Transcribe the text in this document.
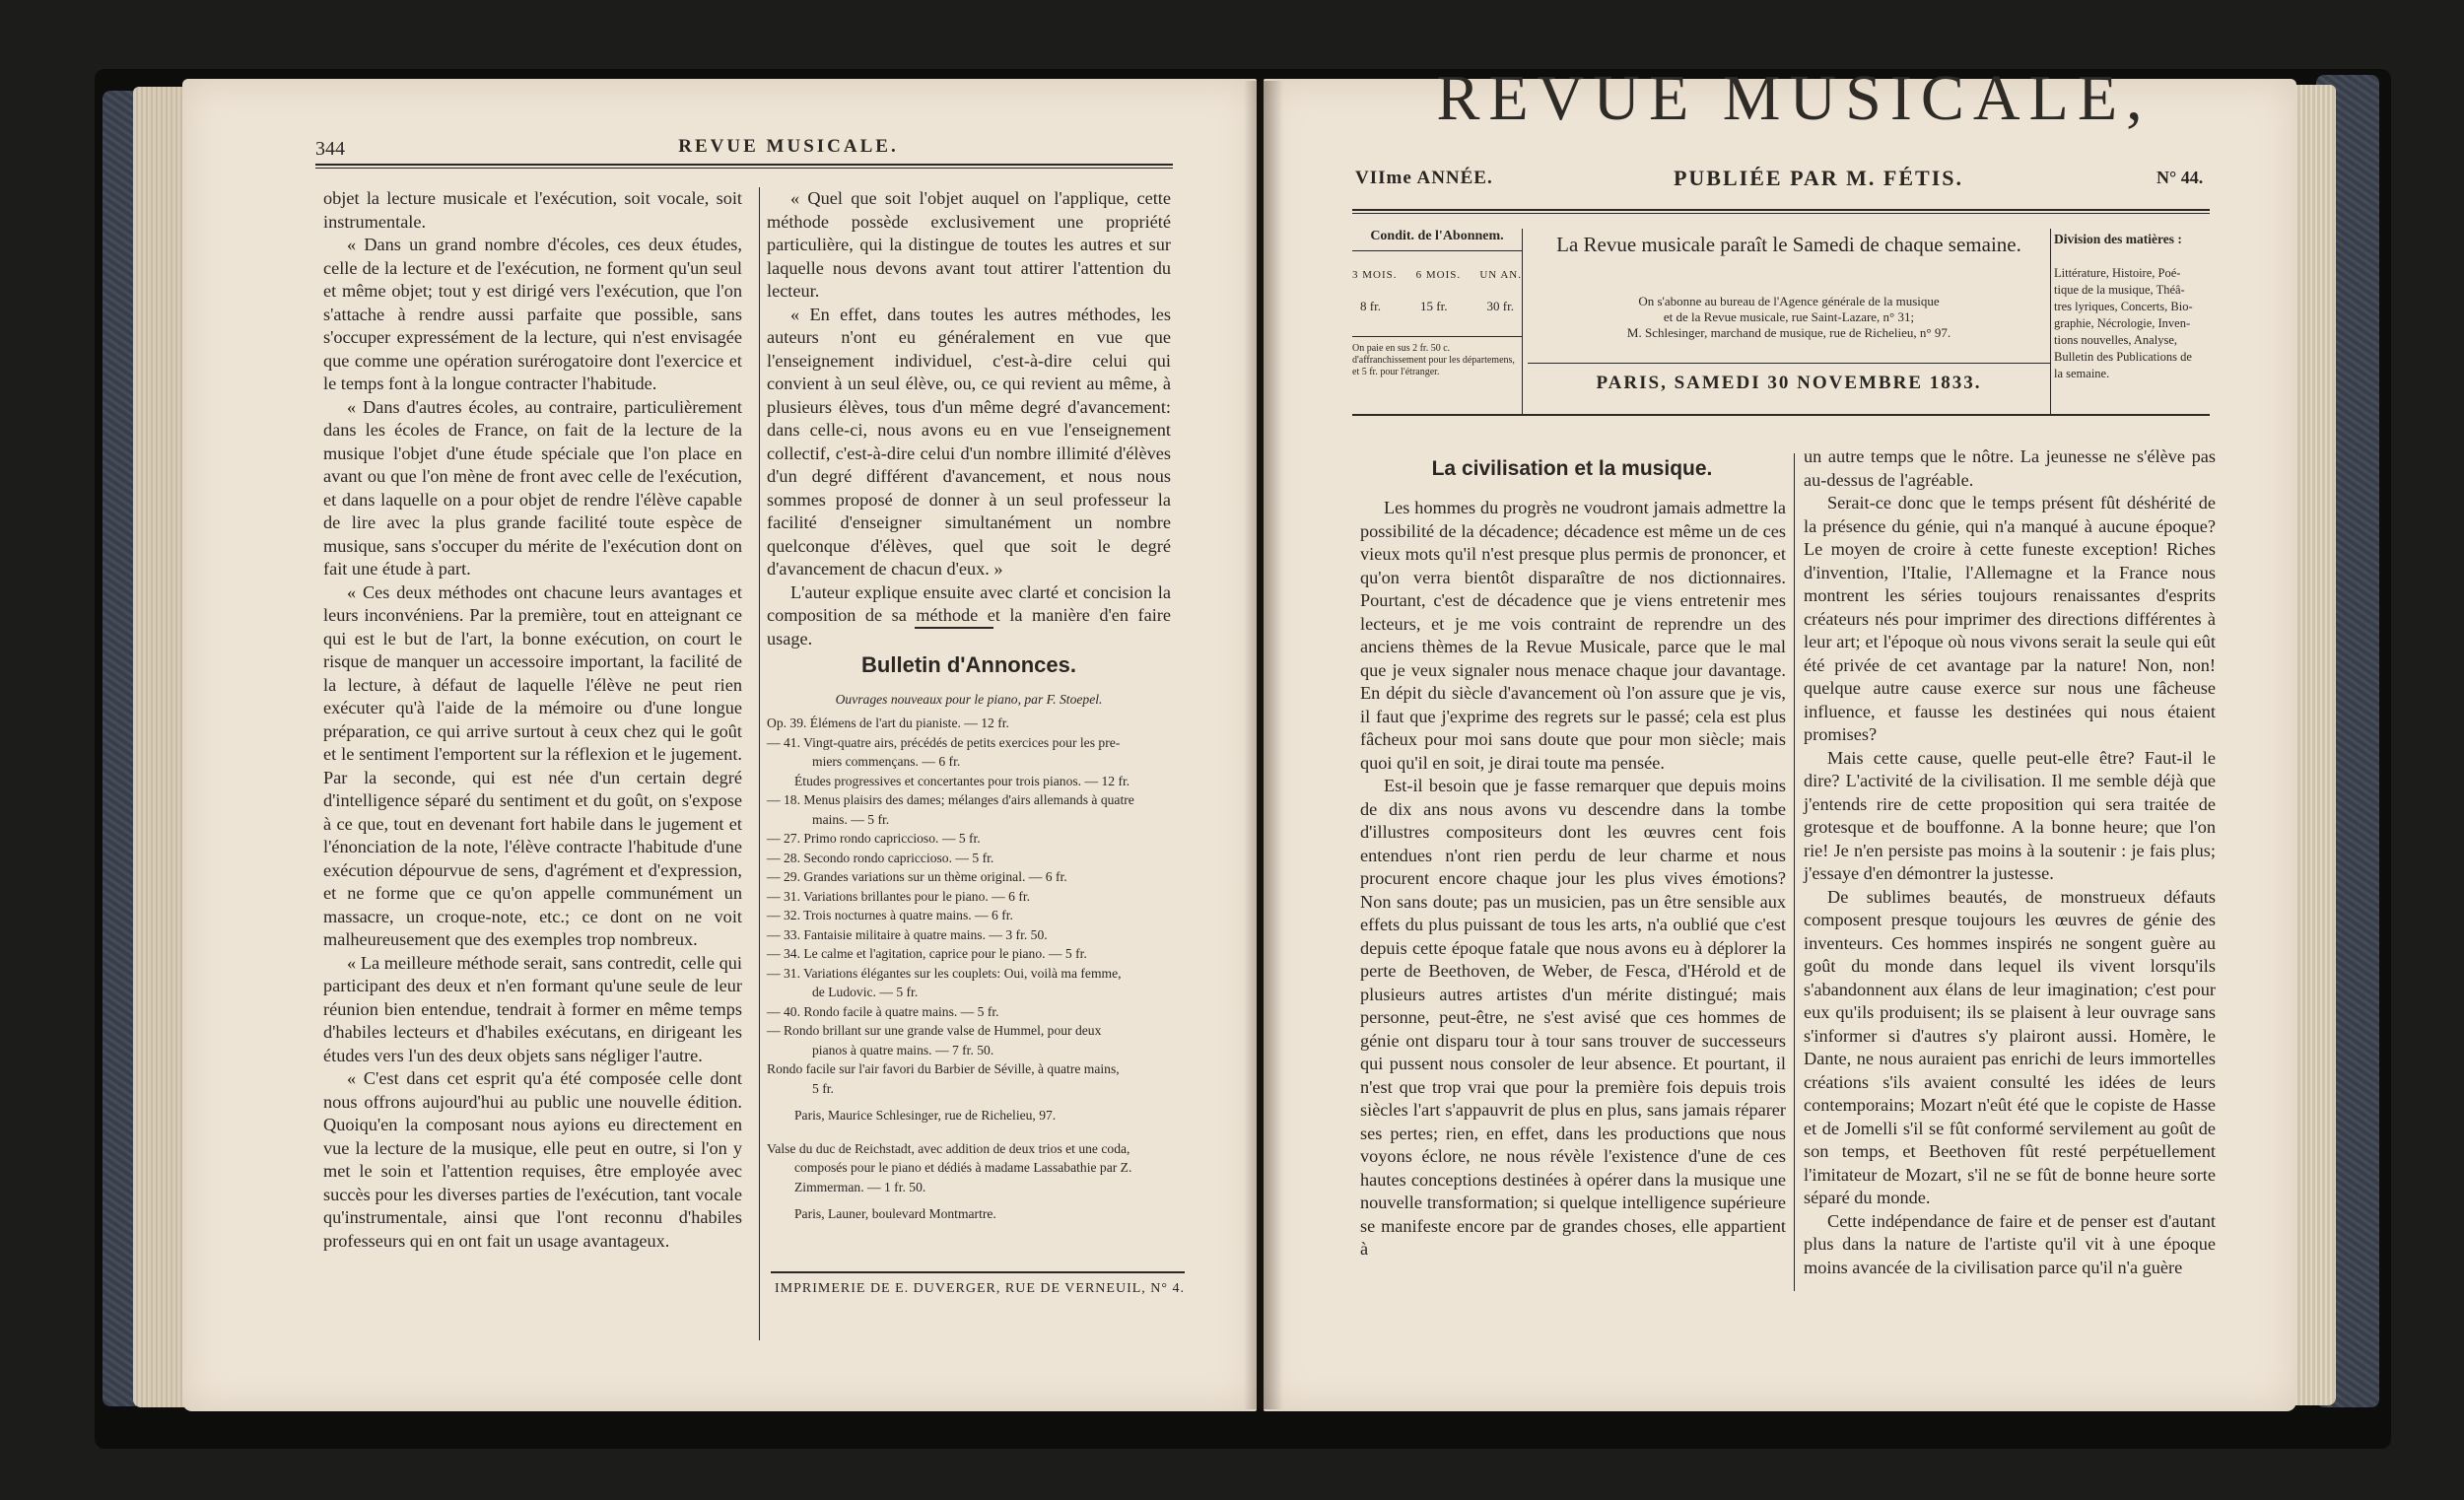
344	REVUE MUSICALE.

objet la lecture musicale et l'exécution, soit vocale, soit instrumentale.

« Dans un grand nombre d'écoles, ces deux études, celle de la lecture et de l'exécution, ne forment qu'un seul et même objet; tout y est dirigé vers l'exécution, que l'on s'attache à rendre aussi parfaite que possible, sans s'occuper expressément de la lecture, qui n'est envisagée que comme une opération surérogatoire dont l'exercice et le temps font à la longue contracter l'habitude.

« Dans d'autres écoles, au contraire, particulièrement dans les écoles de France, on fait de la lecture de la musique l'objet d'une étude spéciale que l'on place en avant ou que l'on mène de front avec celle de l'exécution, et dans laquelle on a pour objet de rendre l'élève capable de lire avec la plus grande facilité toute espèce de musique, sans s'occuper du mérite de l'exécution dont on fait une étude à part.

« Ces deux méthodes ont chacune leurs avantages et leurs inconvéniens. Par la première, tout en atteignant ce qui est le but de l'art, la bonne exécution, on court le risque de manquer un accessoire important, la facilité de la lecture, à défaut de laquelle l'élève ne peut rien exécuter qu'à l'aide de la mémoire ou d'une longue préparation, ce qui arrive surtout à ceux chez qui le goût et le sentiment l'emportent sur la réflexion et le jugement. Par la seconde, qui est née d'un certain degré d'intelligence séparé du sentiment et du goût, on s'expose à ce que, tout en devenant fort habile dans le jugement et l'énonciation de la note, l'élève contracte l'habitude d'une exécution dépourvue de sens, d'agrément et d'expression, et ne forme que ce qu'on appelle communément un massacre, un croque-note, etc.; ce dont on ne voit malheureusement que des exemples trop nombreux.

« La meilleure méthode serait, sans contredit, celle qui participant des deux et n'en formant qu'une seule de leur réunion bien entendue, tendrait à former en même temps d'habiles lecteurs et d'habiles exécutans, en dirigeant les études vers l'un des deux objets sans négliger l'autre.

« C'est dans cet esprit qu'a été composée celle dont nous offrons aujourd'hui au public une nouvelle édition. Quoiqu'en la composant nous ayions eu directement en vue la lecture de la musique, elle peut en outre, si l'on y met le soin et l'attention requises, être employée avec succès pour les diverses parties de l'exécution, tant vocale qu'instrumentale, ainsi que l'ont reconnu d'habiles professeurs qui en ont fait un usage avantageux.

« Quel que soit l'objet auquel on l'applique, cette méthode possède exclusivement une propriété particulière, qui la distingue de toutes les autres et sur laquelle nous devons avant tout attirer l'attention du lecteur.

« En effet, dans toutes les autres méthodes, les auteurs n'ont eu généralement en vue que l'enseignement individuel, c'est-à-dire celui qui convient à un seul élève, ou, ce qui revient au même, à plusieurs élèves, tous d'un même degré d'avancement: dans celle-ci, nous avons eu en vue l'enseignement collectif, c'est-à-dire celui d'un nombre illimité d'élèves d'un degré différent d'avancement, et nous nous sommes proposé de donner à un seul professeur la facilité d'enseigner simultanément un nombre quelconque d'élèves, quel que soit le degré d'avancement de chacun d'eux. »

L'auteur explique ensuite avec clarté et concision la composition de sa méthode et la manière d'en faire usage.

Bulletin d'Annonces.
Ouvrages nouveaux pour le piano, par F. Stoepel.
Op. 39. Élémens de l'art du pianiste. — 12 fr.
— 41. Vingt-quatre airs, précédés de petits exercices pour les pre-
miers commençans. — 6 fr.
Études progressives et concertantes pour trois pianos. — 12 fr.
— 18. Menus plaisirs des dames; mélanges d'airs allemands à quatre
mains. — 5 fr.
— 27. Primo rondo capriccioso. — 5 fr.
— 28. Secondo rondo capriccioso. — 5 fr.
— 29. Grandes variations sur un thème original. — 6 fr.
— 31. Variations brillantes pour le piano. — 6 fr.
— 32. Trois nocturnes à quatre mains. — 6 fr.
— 33. Fantaisie militaire à quatre mains. — 3 fr. 50.
— 34. Le calme et l'agitation, caprice pour le piano. — 5 fr.
— 31. Variations élégantes sur les couplets: Oui, voilà ma femme,
de Ludovic. — 5 fr.
— 40. Rondo facile à quatre mains. — 5 fr.
— Rondo brillant sur une grande valse de Hummel, pour deux
pianos à quatre mains. — 7 fr. 50.
Rondo facile sur l'air favori du Barbier de Séville, à quatre mains,
5 fr.
Paris, Maurice Schlesinger, rue de Richelieu, 97.
Valse du duc de Reichstadt, avec addition de deux trios et une coda,
composés pour le piano et dédiés à madame Lassabathie par Z.
Zimmerman. — 1 fr. 50.
Paris, Launer, boulevard Montmartre.
IMPRIMERIE DE E. DUVERGER, RUE DE VERNEUIL, N° 4.
REVUE MUSICALE,
VIIme ANNÉE.	PUBLIÉE PAR M. FÉTIS.	N° 44.
Condit. de l'Abonnem.
3 MOIS. 6 MOIS. UN AN.
8 fr.	15 fr.	30 fr.
On paie en sus 2 fr. 50 c. d'affranchissement pour les départemens, et 5 fr. pour l'étranger.
La Revue musicale paraît le Samedi de chaque semaine.
On s'abonne au bureau de l'Agence générale de la musique
et de la Revue musicale, rue Saint-Lazare, n° 31;
M. Schlesinger, marchand de musique, rue de Richelieu, n° 97.
PARIS, SAMEDI 30 NOVEMBRE 1833.
Division des matières :
Littérature, Histoire, Poé-
tique de la musique, Théâ-
tres lyriques, Concerts, Bio-
graphie, Nécrologie, Inven-
tions nouvelles, Analyse,
Bulletin des Publications de
la semaine.
La civilisation et la musique.

Les hommes du progrès ne voudront jamais admettre la possibilité de la décadence; décadence est même un de ces vieux mots qu'il n'est presque plus permis de prononcer, et qu'on verra bientôt disparaître de nos dictionnaires. Pourtant, c'est de décadence que je viens entretenir mes lecteurs, et je me vois contraint de reprendre un des anciens thèmes de la Revue Musicale, parce que le mal que je veux signaler nous menace chaque jour davantage. En dépit du siècle d'avancement où l'on assure que je vis, il faut que j'exprime des regrets sur le passé; cela est plus fâcheux pour moi sans doute que pour mon siècle; mais quoi qu'il en soit, je dirai toute ma pensée.

Est-il besoin que je fasse remarquer que depuis moins de dix ans nous avons vu descendre dans la tombe d'illustres compositeurs dont les œuvres cent fois entendues n'ont rien perdu de leur charme et nous procurent encore chaque jour les plus vives émotions? Non sans doute; pas un musicien, pas un être sensible aux effets du plus puissant de tous les arts, n'a oublié que c'est depuis cette époque fatale que nous avons eu à déplorer la perte de Beethoven, de Weber, de Fesca, d'Hérold et de plusieurs autres artistes d'un mérite distingué; mais personne, peut-être, ne s'est avisé que ces hommes de génie ont disparu tour à tour sans trouver de successeurs qui pussent nous consoler de leur absence. Et pourtant, il n'est que trop vrai que pour la première fois depuis trois siècles l'art s'appauvrit de plus en plus, sans jamais réparer ses pertes; rien, en effet, dans les productions que nous voyons éclore, ne nous révèle l'existence d'une de ces hautes conceptions destinées à opérer dans la musique une nouvelle transformation; si quelque intelligence supérieure se manifeste encore par de grandes choses, elle appartient à

un autre temps que le nôtre. La jeunesse ne s'élève pas au-dessus de l'agréable.

Serait-ce donc que le temps présent fût déshérité de la présence du génie, qui n'a manqué à aucune époque? Le moyen de croire à cette funeste exception! Riches d'invention, l'Italie, l'Allemagne et la France nous montrent les séries toujours renaissantes d'esprits créateurs nés pour imprimer des directions différentes à leur art; et l'époque où nous vivons serait la seule qui eût été privée de cet avantage par la nature! Non, non! quelque autre cause exerce sur nous une fâcheuse influence, et fausse les destinées qui nous étaient promises?

Mais cette cause, quelle peut-elle être? Faut-il le dire? L'activité de la civilisation. Il me semble déjà que j'entends rire de cette proposition qui sera traitée de grotesque et de bouffonne. A la bonne heure; que l'on rie! Je n'en persiste pas moins à la soutenir : je fais plus; j'essaye d'en démontrer la justesse.

De sublimes beautés, de monstrueux défauts composent presque toujours les œuvres de génie des inventeurs. Ces hommes inspirés ne songent guère au goût du monde dans lequel ils vivent lorsqu'ils s'abandonnent aux élans de leur imagination; c'est pour eux qu'ils produisent; ils se plaisent à leur ouvrage sans s'informer si d'autres s'y plairont aussi. Homère, le Dante, ne nous auraient pas enrichi de leurs immortelles créations s'ils avaient consulté les idées de leurs contemporains; Mozart n'eût été que le copiste de Hasse et de Jomelli s'il se fût conformé servilement au goût de son temps, et Beethoven fût resté perpétuellement l'imitateur de Mozart, s'il ne se fût de bonne heure sorte séparé du monde.

Cette indépendance de faire et de penser est d'autant plus dans la nature de l'artiste qu'il vit à une époque moins avancée de la civilisation parce qu'il n'a guère
